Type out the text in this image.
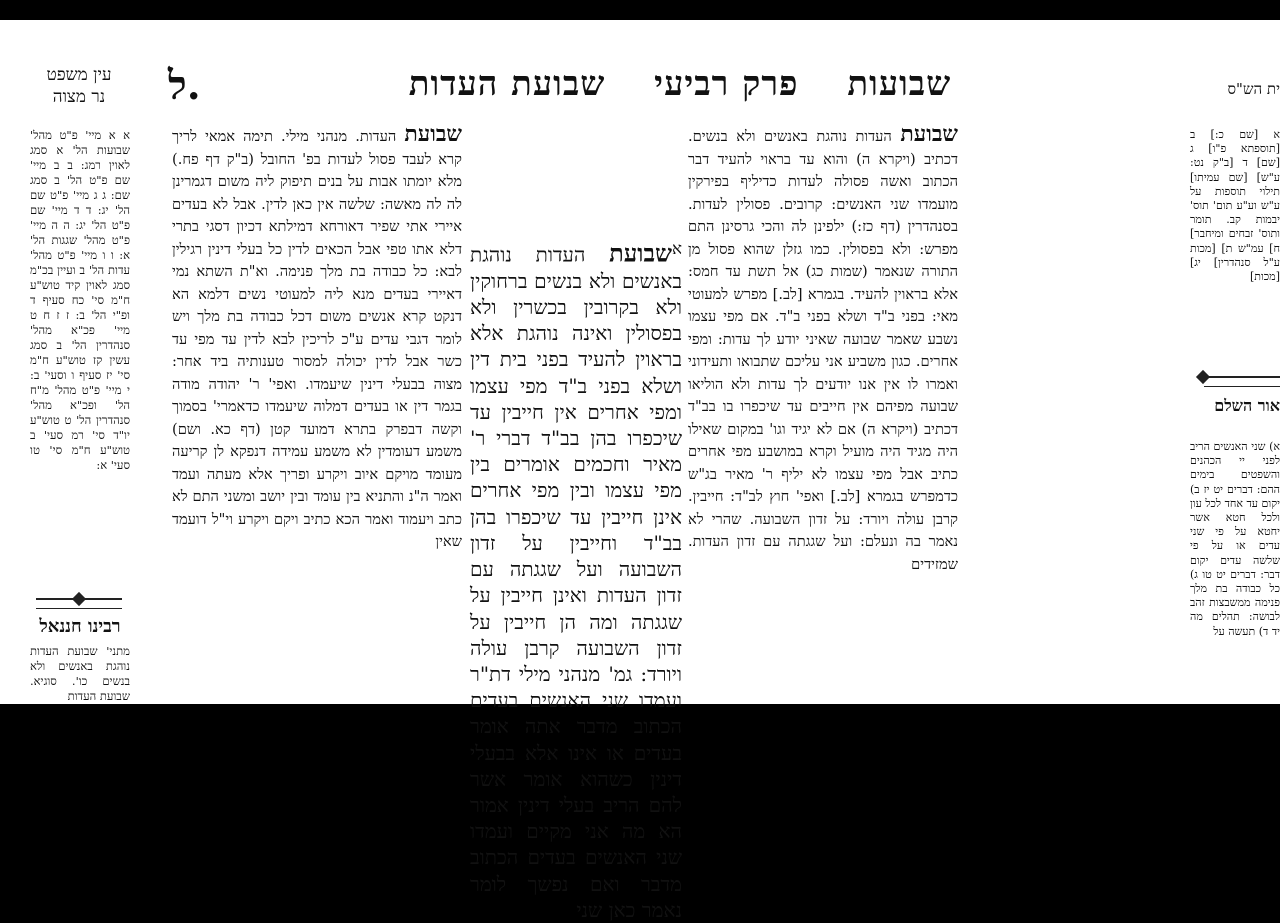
שבועות פרק רביעי שבועת העדות
ל.
עין משפט
נר מצוה	ית הש"ס

א א מיי' פ"ט מהל' שבועות הל' א סמג לאוין רמג: ב ב מיי' שם פ"ט הל' ב סמג שם: ג ג מיי' פ"ט שם הל' יג: ד ד מיי' שם פ"ט הל' יג: ה ה מיי' פ"ט מהל' שגגות הל' א: ו ו מיי' פ"ט מהל' עדות הל' ב ועיין בכ"מ סמג לאוין קיד טוש"ע ח"מ סי' כח סעיף ד ופ"י הל' ב: ז ז ח ט מיי' פכ"א מהל' סנהדרין הל' ב סמג עשין קז טוש"ע ח"מ סי' יז סעיף ו וסעי' ב: י מיי' פ"ט מהל' מ"ח הל' ופכ"א מהל' סנהדרין הל' ט טוש"ע יו"ד סי' רמ סעי' ב טוש"ע ח"מ סי' טו סעי' א:

רבינו חננאל
מתני' שבועת העדות נוהגת באנשים ולא בנשים כו'. סוגיא. שבועת העדות

שבועת העדות. מנהני מילי. תימה אמאי לריך קרא לעבד פסול לעדות בפ' החובל (ב"ק דף פח.) מלא יומתו אבות על בנים תיפוק ליה משום דגמרינן לה לה מאשה: שלשה אין כאן לדין. אבל לא בעדים איירי אתי שפיר דאורחא דמילתא דכיון דסגי בתרי דלא אתו טפי אבל הכאים לדין כל בעלי דינין רגילין לבא: כל כבודה בת מלך פנימה. וא"ת השתא נמי דאיירי בעדים מנא ליה למעוטי נשים דלמא הא דנקט קרא אנשים משום דכל כבודה בת מלך ויש לומר דגבי עדים ע"כ לריכין לבא לדין עד מפי עד כשר אבל לדין יכולה למסור טענותיה ביד אחר: מצוה בבעלי דינין שיעמדו. ואפי' ר' יהודה מודה בגמר דין או בעדים דמלוה שיעמדו כדאמרי' בסמוך וקשה דבפרק בתרא דמועד קטן (דף כא. ושם) משמע דעומדין לא משמע עמידה דנפקא לן קריעה מעומד מויקם איוב ויקרע ופריך אלא מעתה ועמד ואמר ה"נ והתניא בין עומד ובין יושב ומשני התם לא כתב ויעמוד ואמר הכא כתיב ויקם ויקרע וי"ל דועמד שאין

$^א$שבועת העדות נוהגת באנשים ולא בנשים ברחוקין ולא בקרובין בכשרין ולא בפסולין ואינה נוהגת אלא בראוין להעיד בפני בית דין ושלא בפני ב"ד מפי עצמו ומפי אחרים אין חייבין עד שיכפרו בהן בב"ד דברי ר' מאיר וחכמים אומרים בין מפי עצמו ובין מפי אחרים אינן חייבין עד שיכפרו בהן בב"ד וחייבין על זדון השבועה ועל שגגתה עם זדון העדות ואינן חייבין על שגגתה ומה הן חייבין על זדון השבועה קרבן עולה ויורד: גמ' מנהני מילי דת"ר ועמדו שני האנשים בעדים הכתוב מדבר אתה אומר בעדים או אינו אלא בבעלי דינין כשהוא אומר אשר להם הריב בעלי דינין אמור הא מה אני מקיים ועמדו שני האנשים בעדים הכתוב מדבר ואם נפשך לומר נאמר כאן שני

שבועת העדות נוהגת באנשים ולא בנשים. דכתיב (ויקרא ה) והוא עד בראוי להעיד דבר הכתוב ואשה פסולה לעדות כדיליף בפירקין מועמדו שני האנשים: קרובים. פסולין לעדות. בסנהדרין (דף כז:) ילפינן לה והכי גרסינן התם מפרש: ולא בפסולין. כמו גזלן שהוא פסול מן התורה שנאמר (שמות כג) אל תשת עד חמס: אלא בראוין להעיד. בגמרא [לב.] מפרש למעוטי מאי: בפני ב"ד ושלא בפני ב"ד. אם מפי עצמו נשבע שאמר שבועה שאיני יודע לך עדות: ומפי אחרים. כגון משביע אני עליכם שתבואו ותעידוני ואמרו לו אין אנו יודעים לך עדות ולא הוליאו שבועה מפיהם אין חייבים עד שיכפרו בו בב"ד דכתיב (ויקרא ה) אם לא יגיד וגו' במקום שאילו היה מגיד היה מועיל וקרא במושבע מפי אחרים כתיב אבל מפי עצמו לא יליף ר' מאיר בג"ש כדמפרש בגמרא [לב.] ואפי' חוץ לב"ד: חייבין. קרבן עולה ויורד: על זדון השבועה. שהרי לא נאמר בה ונעלם: ועל שגגתה עם זדון העדות. שמזידים

א [שם כ:] ב [תוספתא פ"ו] ג [שם] ד [ב"ק נט: ע"ש] [שם עמיתו] תילוי תוספות על ע"ש וע"ע תום' תוס' יבמות קב. תומר ותוס' זבחים ומיחבר] ח] עמ"ש ת] [מכות ע"ל סנהדרין] יג] [מכות]

אור השלם

א) שני האנשים הריב לפני יי הכהנים והשפטים בימים ההם: דברים יט יז ב) יקום עד אחד לכל עון ולכל חטא אשר יחטא על פי שני עדים או על פי שלשה עדים יקום דבר: דברים יט טו ג) כל כבודה בת מלך פנימה ממשבצות זהב לבושה: תהלים מה יד ד) תעשה על
